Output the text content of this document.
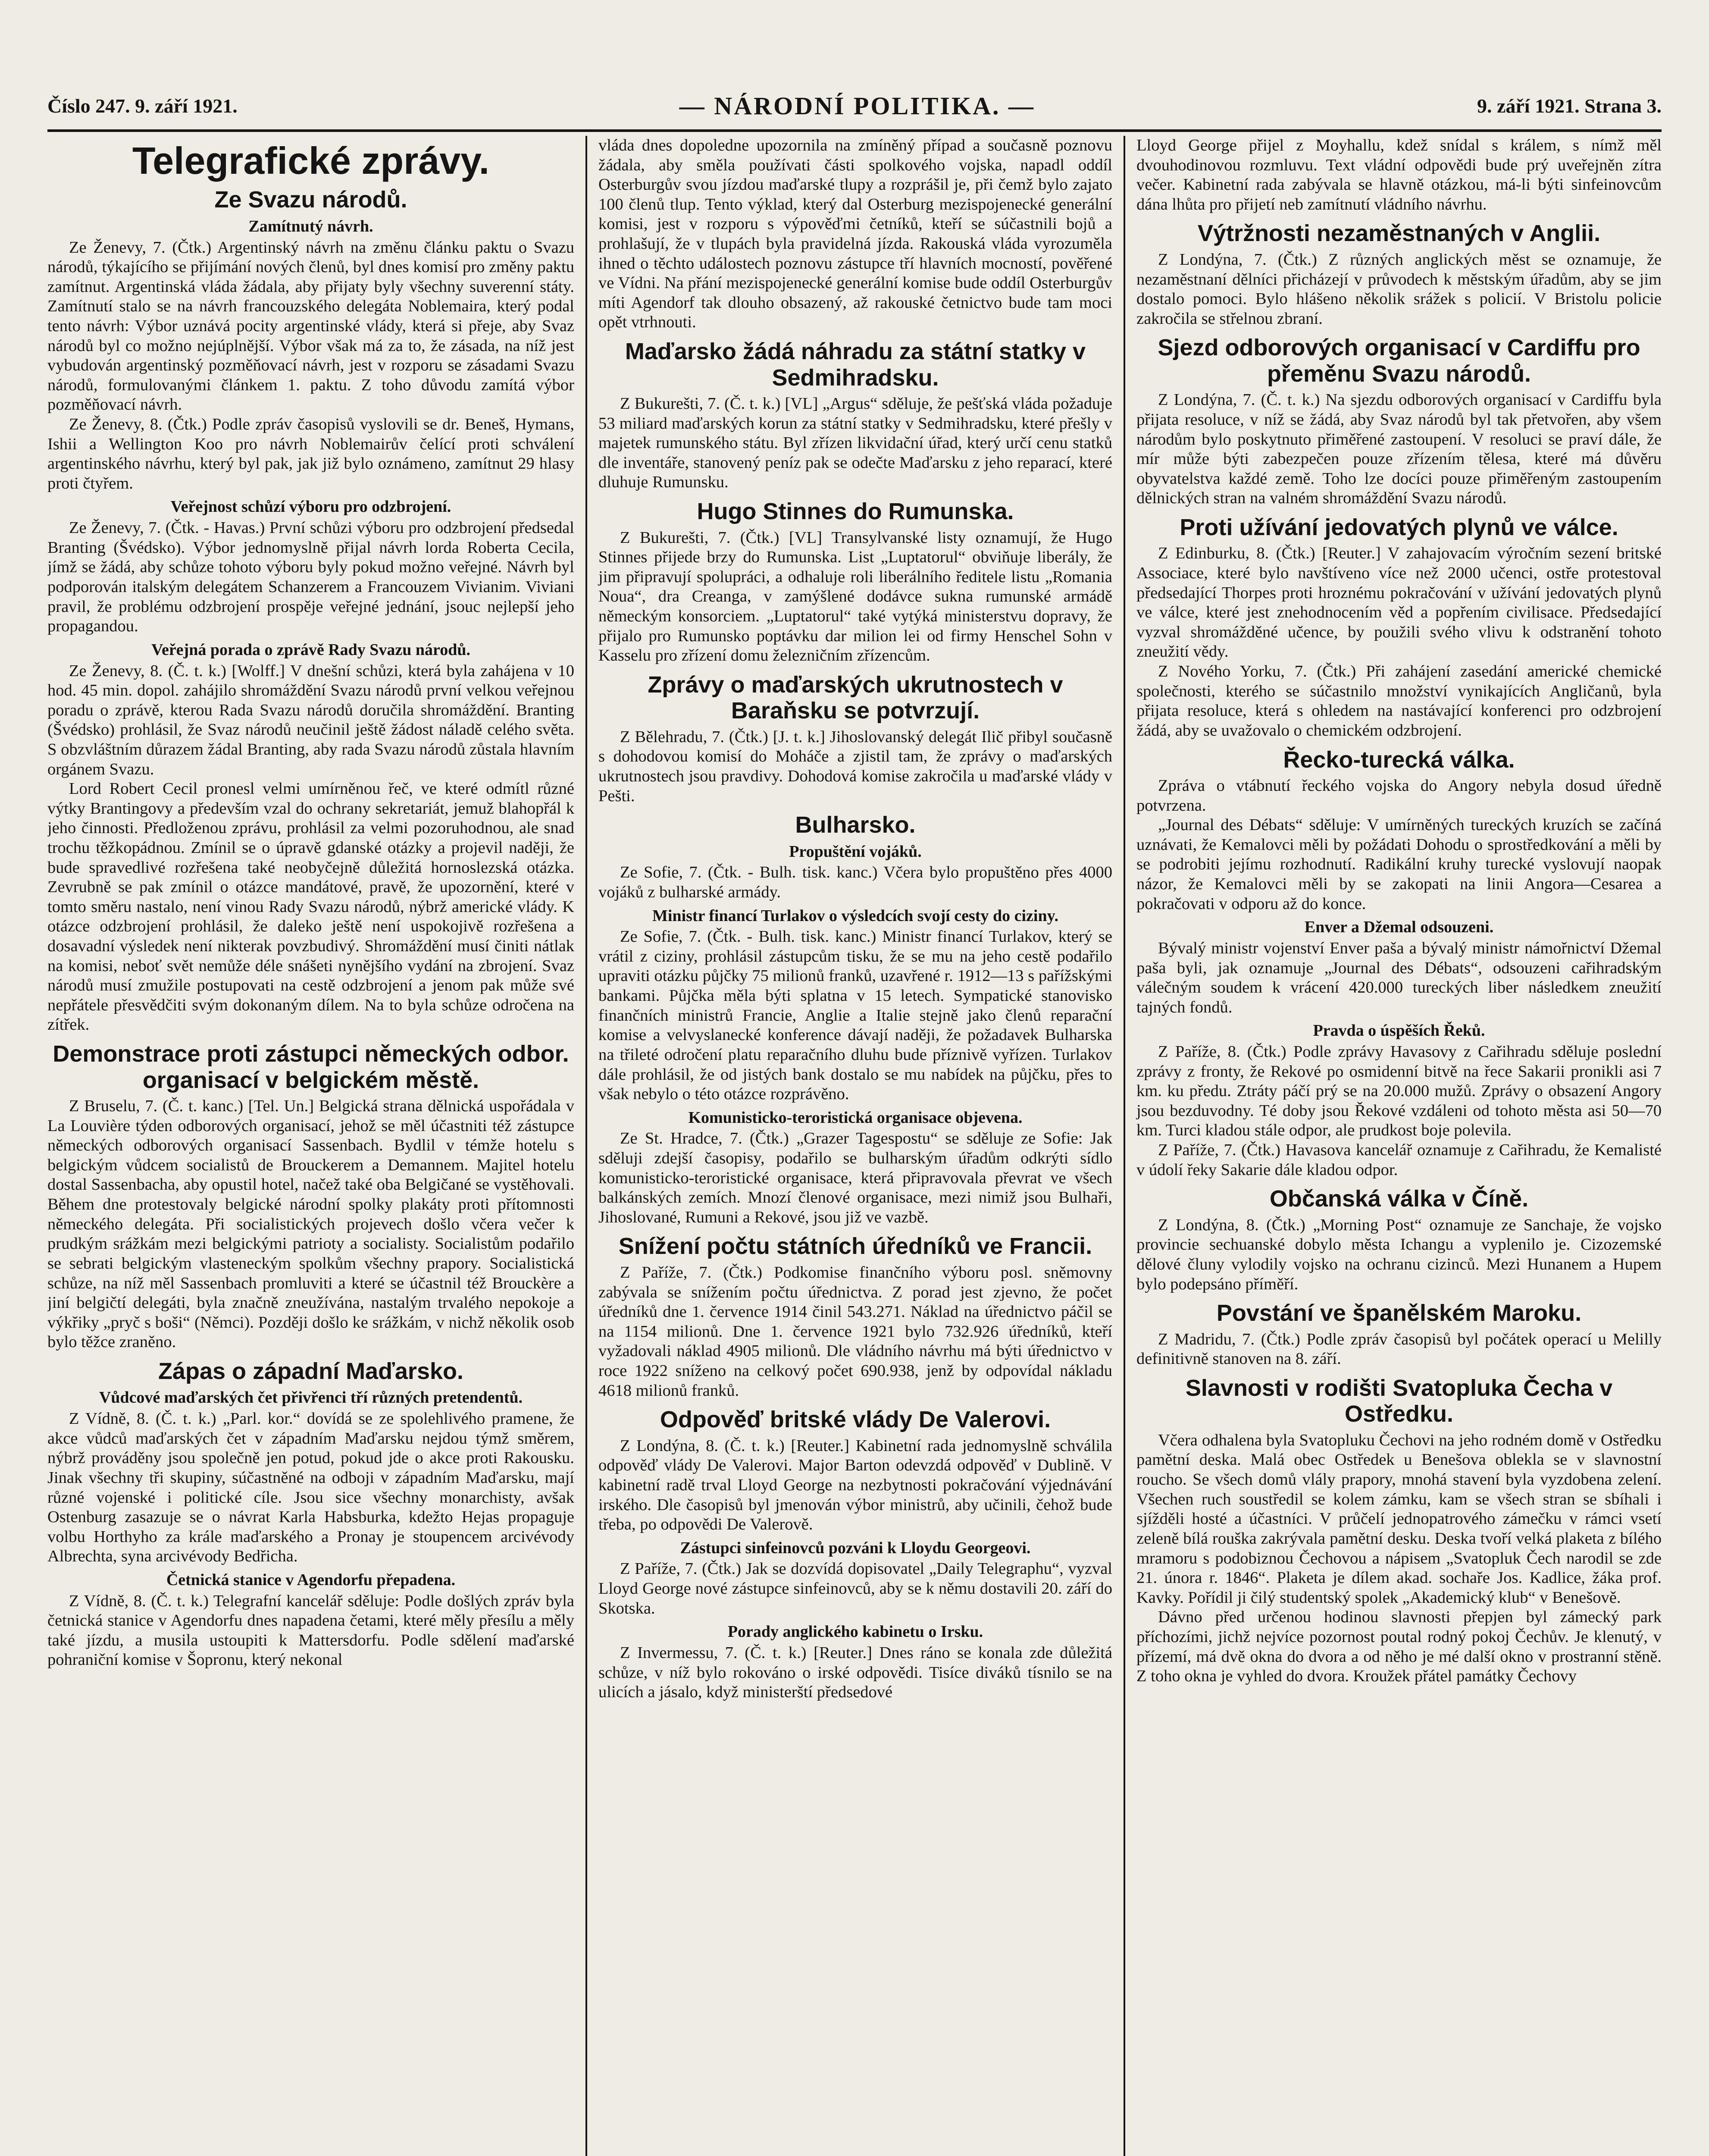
Číslo 247. 9. září 1921.	— NÁRODNÍ POLITIKA. —	9. září 1921. Strana 3.
Telegrafické zprávy.
Ze Svazu národů.
Zamítnutý návrh.

Ze Ženevy, 7. (Čtk.) Argentinský návrh na změnu článku paktu o Svazu národů, týkajícího se přijímání nových členů, byl dnes komisí pro změny paktu zamítnut. Argentinská vláda žádala, aby přijaty byly všechny suverenní státy. Zamítnutí stalo se na návrh francouzského delegáta Noblemaira, který podal tento návrh: Výbor uznává pocity argentinské vlády, která si přeje, aby Svaz národů byl co možno nejúplnější. Výbor však má za to, že zásada, na níž jest vybudován argentinský pozměňovací návrh, jest v rozporu se zásadami Svazu národů, formulovanými článkem 1. paktu. Z toho důvodu zamítá výbor pozměňovací návrh.

Ze Ženevy, 8. (Čtk.) Podle zpráv časopisů vyslovili se dr. Beneš, Hymans, Ishii a Wellington Koo pro návrh Noblemairův čelící proti schválení argentinského návrhu, který byl pak, jak již bylo oznámeno, zamítnut 29 hlasy proti čtyřem.

Veřejnost schůzí výboru pro odzbrojení.

Ze Ženevy, 7. (Čtk. - Havas.) První schůzi výboru pro odzbrojení předsedal Branting (Švédsko). Výbor jednomyslně přijal návrh lorda Roberta Cecila, jímž se žádá, aby schůze tohoto výboru byly pokud možno veřejné. Návrh byl podporován italským delegátem Schanzerem a Francouzem Vivianim. Viviani pravil, že problému odzbrojení prospěje veřejné jednání, jsouc nejlepší jeho propagandou.

Veřejná porada o zprávě Rady Svazu národů.

Ze Ženevy, 8. (Č. t. k.) [Wolff.] V dnešní schůzi, která byla zahájena v 10 hod. 45 min. dopol. zahájilo shromáždění Svazu národů první velkou veřejnou poradu o zprávě, kterou Rada Svazu národů doručila shromáždění. Branting (Švédsko) prohlásil, že Svaz národů neučinil ještě žádost náladě celého světa. S obzvláštním důrazem žádal Branting, aby rada Svazu národů zůstala hlavním orgánem Svazu.

Lord Robert Cecil pronesl velmi umírněnou řeč, ve které odmítl různé výtky Brantingovy a především vzal do ochrany sekretariát, jemuž blahopřál k jeho činnosti. Předloženou zprávu, prohlásil za velmi pozoruhodnou, ale snad trochu těžkopádnou. Zmínil se o úpravě gdanské otázky a projevil naději, že bude spravedlivé rozřešena také neobyčejně důležitá hornoslezská otázka. Zevrubně se pak zmínil o otázce mandátové, pravě, že upozornění, které v tomto směru nastalo, není vinou Rady Svazu národů, nýbrž americké vlády. K otázce odzbrojení prohlásil, že daleko ještě není uspokojivě rozřešena a dosavadní výsledek není nikterak povzbudivý. Shromáždění musí činiti nátlak na komisi, neboť svět nemůže déle snášeti nynějšího vydání na zbrojení. Svaz národů musí zmužile postupovati na cestě odzbrojení a jenom pak může své nepřátele přesvědčiti svým dokonaným dílem. Na to byla schůze odročena na zítřek.

Demonstrace proti zástupci německých odbor. organisací v belgickém městě.

Z Bruselu, 7. (Č. t. kanc.) [Tel. Un.] Belgická strana dělnická uspořádala v La Louvière týden odborových organisací, jehož se měl účastniti též zástupce německých odborových organisací Sassenbach. Bydlil v témže hotelu s belgickým vůdcem socialistů de Brouckerem a Demannem. Majitel hotelu dostal Sassenbacha, aby opustil hotel, načež také oba Belgičané se vystěhovali. Během dne protestovaly belgické národní spolky plakáty proti přítomnosti německého delegáta. Při socialistických projevech došlo včera večer k prudkým srážkám mezi belgickými patrioty a socialisty. Socialistům podařilo se sebrati belgickým vlasteneckým spolkům všechny prapory. Socialistická schůze, na níž měl Sassenbach promluviti a které se účastnil též Brouckère a jiní belgičtí delegáti, byla značně zneužívána, nastalým trvalého nepokoje a výkřiky „pryč s boši“ (Němci). Později došlo ke srážkám, v nichž několik osob bylo těžce zraněno.

Zápas o západní Maďarsko.
Vůdcové maďarských čet přivřenci tří různých pretendentů.

Z Vídně, 8. (Č. t. k.) „Parl. kor.“ dovídá se ze spolehlivého pramene, že akce vůdců maďarských čet v západním Maďarsku nejdou týmž směrem, nýbrž prováděny jsou společně jen potud, pokud jde o akce proti Rakousku. Jinak všechny tři skupiny, súčastněné na odboji v západním Maďarsku, mají různé vojenské i politické cíle. Jsou sice všechny monarchisty, avšak Ostenburg zasazuje se o návrat Karla Habsburka, kdežto Hejas propaguje volbu Horthyho za krále maďarského a Pronay je stoupencem arcivévody Albrechta, syna arcivévody Bedřicha.

Četnická stanice v Agendorfu přepadena.

Z Vídně, 8. (Č. t. k.) Telegrafní kancelář sděluje: Podle došlých zpráv byla četnická stanice v Agendorfu dnes napadena četami, které měly přesílu a měly také jízdu, a musila ustoupiti k Mattersdorfu. Podle sdělení maďarské pohraniční komise v Šopronu, který nekonal

vláda dnes dopoledne upozornila na zmíněný případ a současně poznovu žádala, aby směla používati části spolkového vojska, napadl oddíl Osterburgův svou jízdou maďarské tlupy a rozprášil je, při čemž bylo zajato 100 členů tlup. Tento výklad, který dal Osterburg mezispojenecké generální komisi, jest v rozporu s výpověďmi četníků, kteří se súčastnili bojů a prohlašují, že v tlupách byla pravidelná jízda. Rakouská vláda vyrozuměla ihned o těchto událostech poznovu zástupce tří hlavních mocností, pověřené ve Vídni. Na přání mezispojenecké generální komise bude oddíl Osterburgův míti Agendorf tak dlouho obsazený, až rakouské četnictvo bude tam moci opět vtrhnouti.

Maďarsko žádá náhradu za státní statky v Sedmihradsku.

Z Bukurešti, 7. (Č. t. k.) [VL] „Argus“ sděluje, že pešťská vláda požaduje 53 miliard maďarských korun za státní statky v Sedmihradsku, které přešly v majetek rumunského státu. Byl zřízen likvidační úřad, který určí cenu statků dle inventáře, stanovený peníz pak se odečte Maďarsku z jeho reparací, které dluhuje Rumunsku.

Hugo Stinnes do Rumunska.

Z Bukurešti, 7. (Čtk.) [VL] Transylvanské listy oznamují, že Hugo Stinnes přijede brzy do Rumunska. List „Luptatorul“ obviňuje liberály, že jim připravují spolupráci, a odhaluje roli liberálního ředitele listu „Romania Noua“, dra Creanga, v zamýšlené dodávce sukna rumunské armádě německým konsorciem. „Luptatorul“ také vytýká ministerstvu dopravy, že přijalo pro Rumunsko poptávku dar milion lei od firmy Henschel Sohn v Kasselu pro zřízení domu železničním zřízencům.

Zprávy o maďarských ukrutnostech v Baraňsku se potvrzují.

Z Bělehradu, 7. (Čtk.) [J. t. k.] Jihoslovanský delegát Ilič přibyl současně s dohodovou komisí do Moháče a zjistil tam, že zprávy o maďarských ukrutnostech jsou pravdivy. Dohodová komise zakročila u maďarské vlády v Pešti.

Bulharsko.
Propuštění vojáků.

Ze Sofie, 7. (Čtk. - Bulh. tisk. kanc.) Včera bylo propuštěno přes 4000 vojáků z bulharské armády.

Ministr financí Turlakov o výsledcích svojí cesty do ciziny.

Ze Sofie, 7. (Čtk. - Bulh. tisk. kanc.) Ministr financí Turlakov, který se vrátil z ciziny, prohlásil zástupcům tisku, že se mu na jeho cestě podařilo upraviti otázku půjčky 75 milionů franků, uzavřené r. 1912—13 s pařížskými bankami. Půjčka měla býti splatna v 15 letech. Sympatické stanovisko finančních ministrů Francie, Anglie a Italie stejně jako členů reparační komise a velvyslanecké konference dávají naději, že požadavek Bulharska na třileté odročení platu reparačního dluhu bude příznivě vyřízen. Turlakov dále prohlásil, že od jistých bank dostalo se mu nabídek na půjčku, přes to však nebylo o této otázce rozprávěno.

Komunisticko-teroristická organisace objevena.

Ze St. Hradce, 7. (Čtk.) „Grazer Tagespostu“ se sděluje ze Sofie: Jak sděluji zdejší časopisy, podařilo se bulharským úřadům odkrýti sídlo komunisticko-teroristické organisace, která připravovala převrat ve všech balkánských zemích. Mnozí členové organisace, mezi nimiž jsou Bulhaři, Jihoslované, Rumuni a Rekové, jsou již ve vazbě.

Snížení počtu státních úředníků ve Francii.

Z Paříže, 7. (Čtk.) Podkomise finančního výboru posl. sněmovny zabývala se snížením počtu úřednictva. Z porad jest zjevno, že počet úředníků dne 1. července 1914 činil 543.271. Náklad na úřednictvo páčil se na 1154 milionů. Dne 1. července 1921 bylo 732.926 úředníků, kteří vyžadovali náklad 4905 milionů. Dle vládního návrhu má býti úřednictvo v roce 1922 sníženo na celkový počet 690.938, jenž by odpovídal nákladu 4618 milionů franků.

Odpověď britské vlády De Valerovi.

Z Londýna, 8. (Č. t. k.) [Reuter.] Kabinetní rada jednomyslně schválila odpověď vlády De Valerovi. Major Barton odevzdá odpověď v Dublině. V kabinetní radě trval Lloyd George na nezbytnosti pokračování výjednávání irského. Dle časopisů byl jmenován výbor ministrů, aby učinili, čehož bude třeba, po odpovědi De Valerově.

Zástupci sinfeinovců pozváni k Lloydu Georgeovi.

Z Paříže, 7. (Čtk.) Jak se dozvídá dopisovatel „Daily Telegraphu“, vyzval Lloyd George nové zástupce sinfeinovců, aby se k němu dostavili 20. září do Skotska.

Porady anglického kabinetu o Irsku.

Z Invermessu, 7. (Č. t. k.) [Reuter.] Dnes ráno se konala zde důležitá schůze, v níž bylo rokováno o irské odpovědi. Tisíce diváků tísnilo se na ulicích a jásalo, když ministerští předsedové

Lloyd George přijel z Moyhallu, kdež snídal s králem, s nímž měl dvouhodinovou rozmluvu. Text vládní odpovědi bude prý uveřejněn zítra večer. Kabinetní rada zabývala se hlavně otázkou, má-li býti sinfeinovcům dána lhůta pro přijetí neb zamítnutí vládního návrhu.

Výtržnosti nezaměstnaných v Anglii.

Z Londýna, 7. (Čtk.) Z různých anglických měst se oznamuje, že nezaměstnaní dělníci přicházejí v průvodech k městským úřadům, aby se jim dostalo pomoci. Bylo hlášeno několik srážek s policií. V Bristolu policie zakročila se střelnou zbraní.

Sjezd odborových organisací v Cardiffu pro přeměnu Svazu národů.

Z Londýna, 7. (Č. t. k.) Na sjezdu odborových organisací v Cardiffu byla přijata resoluce, v níž se žádá, aby Svaz národů byl tak přetvořen, aby všem národům bylo poskytnuto přiměřené zastoupení. V resoluci se praví dále, že mír může býti zabezpečen pouze zřízením tělesa, které má důvěru obyvatelstva každé země. Toho lze docíci pouze přiměřeným zastoupením dělnických stran na valném shromáždění Svazu národů.

Proti užívání jedovatých plynů ve válce.

Z Edinburku, 8. (Čtk.) [Reuter.] V zahajovacím výročním sezení britské Associace, které bylo navštíveno více než 2000 učenci, ostře protestoval předsedající Thorpes proti hroznému pokračování v užívání jedovatých plynů ve válce, které jest znehodnocením věd a popřením civilisace. Předsedající vyzval shromážděné učence, by použili svého vlivu k odstranění tohoto zneužití vědy.

Z Nového Yorku, 7. (Čtk.) Při zahájení zasedání americké chemické společnosti, kterého se súčastnilo množství vynikajících Angličanů, byla přijata resoluce, která s ohledem na nastávající konferenci pro odzbrojení žádá, aby se uvažovalo o chemickém odzbrojení.

Řecko-turecká válka.

Zpráva o vtábnutí řeckého vojska do Angory nebyla dosud úředně potvrzena.

„Journal des Débats“ sděluje: V umírněných tureckých kruzích se začíná uznávati, že Kemalovci měli by požádati Dohodu o sprostředkování a měli by se podrobiti jejímu rozhodnutí. Radikální kruhy turecké vyslovují naopak názor, že Kemalovci měli by se zakopati na linii Angora—Cesarea a pokračovati v odporu až do konce.

Enver a Džemal odsouzeni.

Bývalý ministr vojenství Enver paša a bývalý ministr námořnictví Džemal paša byli, jak oznamuje „Journal des Débats“, odsouzeni cařihradským válečným soudem k vrácení 420.000 tureckých liber následkem zneužití tajných fondů.

Pravda o úspěších Řeků.

Z Paříže, 8. (Čtk.) Podle zprávy Havasovy z Cařihradu sděluje poslední zprávy z fronty, že Rekové po osmidenní bitvě na řece Sakarii pronikli asi 7 km. ku předu. Ztráty páčí prý se na 20.000 mužů. Zprávy o obsazení Angory jsou bezduvodny. Té doby jsou Řekové vzdáleni od tohoto města asi 50—70 km. Turci kladou stále odpor, ale prudkost boje polevila.

Z Paříže, 7. (Čtk.) Havasova kancelář oznamuje z Cařihradu, že Kemalisté v údolí řeky Sakarie dále kladou odpor.

Občanská válka v Číně.

Z Londýna, 8. (Čtk.) „Morning Post“ oznamuje ze Sanchaje, že vojsko provincie sechuanské dobylo města Ichangu a vyplenilo je. Cizozemské dělové čluny vylodily vojsko na ochranu cizinců. Mezi Hunanem a Hupem bylo podepsáno příměří.

Povstání ve španělském Maroku.

Z Madridu, 7. (Čtk.) Podle zpráv časopisů byl počátek operací u Melilly definitivně stanoven na 8. září.

Slavnosti v rodišti Svatopluka Čecha v Ostředku.

Včera odhalena byla Svatopluku Čechovi na jeho rodném domě v Ostředku pamětní deska. Malá obec Ostředek u Benešova oblekla se v slavnostní roucho. Se všech domů vlály prapory, mnohá stavení byla vyzdobena zelení. Všechen ruch soustředil se kolem zámku, kam se všech stran se sbíhali i sjížděli hosté a účastníci. V průčelí jednopatrového zámečku v rámci vsetí zeleně bílá rouška zakrývala pamětní desku. Deska tvoří velká plaketa z bílého mramoru s podobiznou Čechovou a nápisem „Svatopluk Čech narodil se zde 21. února r. 1846“. Plaketa je dílem akad. sochaře Jos. Kadlice, žáka prof. Kavky. Pořídil ji čilý studentský spolek „Akademický klub“ v Benešově.

Dávno před určenou hodinou slavnosti přepjen byl zámecký park příchozími, jichž nejvíce pozornost poutal rodný pokoj Čechův. Je klenutý, v přízemí, má dvě okna do dvora a od něho je mé další okno v prostranní stěně. Z toho okna je vyhled do dvora. Kroužek přátel památky Čechovy
